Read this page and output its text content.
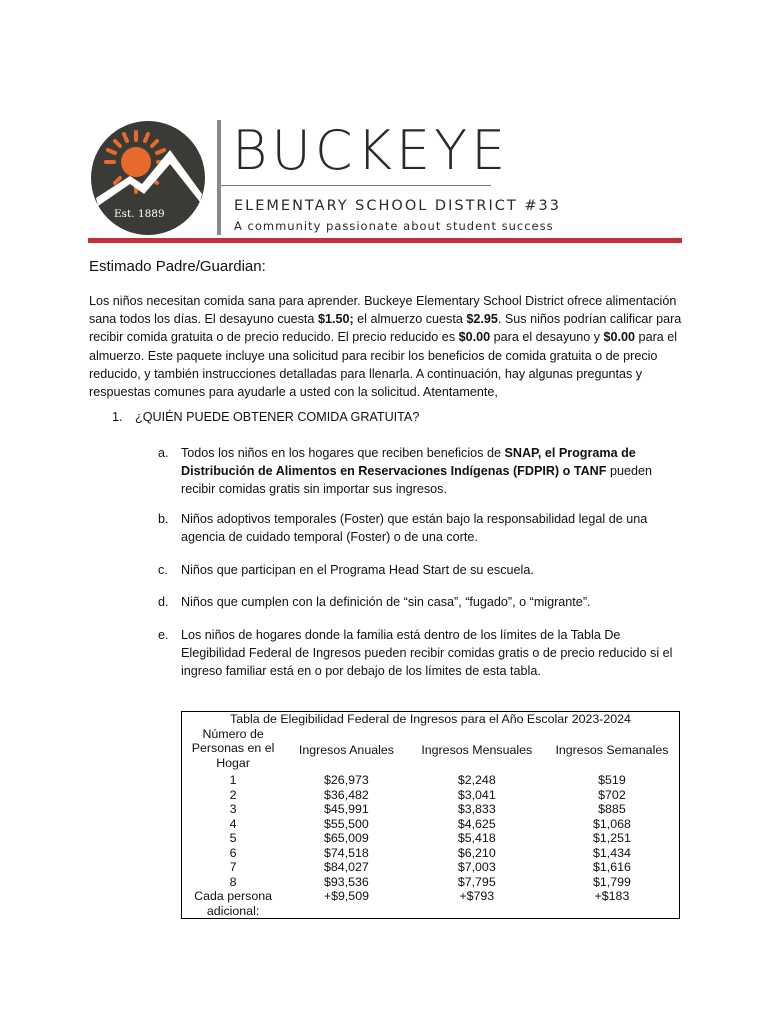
Est. 1889
BUCKEYE
ELEMENTARY SCHOOL DISTRICT #33
A community passionate about student success
Estimado Padre/Guardian:
Los niños necesitan comida sana para aprender. Buckeye Elementary School District ofrece alimentación sana todos los días. El desayuno cuesta $1.50; el almuerzo cuesta $2.95. Sus niños podrían calificar para recibir comida gratuita o de precio reducido. El precio reducido es $0.00 para el desayuno y $0.00 para el almuerzo. Este paquete incluye una solicitud para recibir los beneficios de comida gratuita o de precio reducido, y también instrucciones detalladas para llenarla. A continuación, hay algunas preguntas y respuestas comunes para ayudarle a usted con la solicitud. Atentamente,
1. ¿QUIÉN PUEDE OBTENER COMIDA GRATUITA?
a. Todos los niños en los hogares que reciben beneficios de SNAP, el Programa de Distribución de Alimentos en Reservaciones Indígenas (FDPIR) o TANF pueden recibir comidas gratis sin importar sus ingresos.
b. Niños adoptivos temporales (Foster) que están bajo la responsabilidad legal de una agencia de cuidado temporal (Foster) o de una corte.
c.	Niños que participan en el Programa Head Start de su escuela.
d. Niños que cumplen con la definición de “sin casa”, “fugado”, o “migrante”.
e. Los niños de hogares donde la familia está dentro de los límites de la Tabla De Elegibilidad Federal de Ingresos pueden recibir comidas gratis o de precio reducido si el ingreso familiar está en o por debajo de los límites de esta tabla.
Tabla de Elegibilidad Federal de Ingresos para el Año Escolar 2023-2024			
Número de Personas en el Hogar	Ingresos Anuales	Ingresos Mensuales	Ingresos Semanales
1	$26,973	$2,248	$519
2	$36,482	$3,041	$702
3	$45,991	$3,833	$885
4	$55,500	$4,625	$1,068
5	$65,009	$5,418	$1,251
6	$74,518	$6,210	$1,434
7	$84,027	$7,003	$1,616
8	$93,536	$7,795	$1,799
Cada persona adicional:	+$9,509	+$793	+$183
